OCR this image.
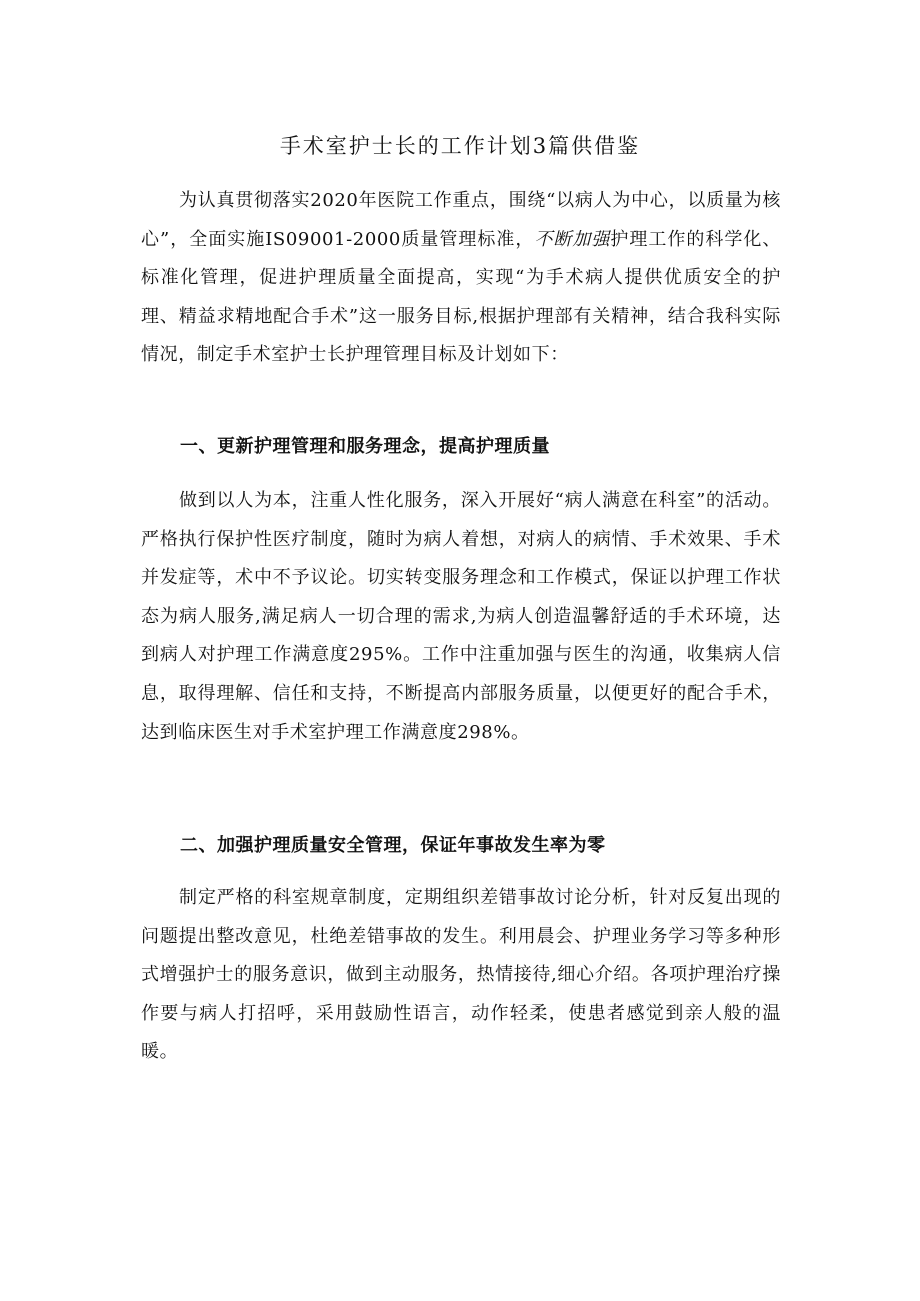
手术室护士长的工作计划3篇供借鉴

为认真贯彻落实2020年医院工作重点，围绕“以病人为中心，以质量为核心”，全面实施IS09001-2000质量管理标准，不断加强护理工作的科学化、标准化管理，促进护理质量全面提高，实现“为手术病人提供优质安全的护理、精益求精地配合手术”这一服务目标,根据护理部有关精神，结合我科实际情况，制定手术室护士长护理管理目标及计划如下：

一、更新护理管理和服务理念，提高护理质量

做到以人为本，注重人性化服务，深入开展好“病人满意在科室”的活动。严格执行保护性医疗制度，随时为病人着想，对病人的病情、手术效果、手术并发症等，术中不予议论。切实转变服务理念和工作模式，保证以护理工作状态为病人服务,满足病人一切合理的需求,为病人创造温馨舒适的手术环境，达到病人对护理工作满意度295%。工作中注重加强与医生的沟通，收集病人信息，取得理解、信任和支持，不断提高内部服务质量，以便更好的配合手术，达到临床医生对手术室护理工作满意度298%。

二、加强护理质量安全管理，保证年事故发生率为零

制定严格的科室规章制度，定期组织差错事故讨论分析，针对反复出现的问题提出整改意见，杜绝差错事故的发生。利用晨会、护理业务学习等多种形式增强护士的服务意识，做到主动服务，热情接待,细心介绍。各项护理治疗操作要与病人打招呼，采用鼓励性语言，动作轻柔，使患者感觉到亲人般的温暖。
